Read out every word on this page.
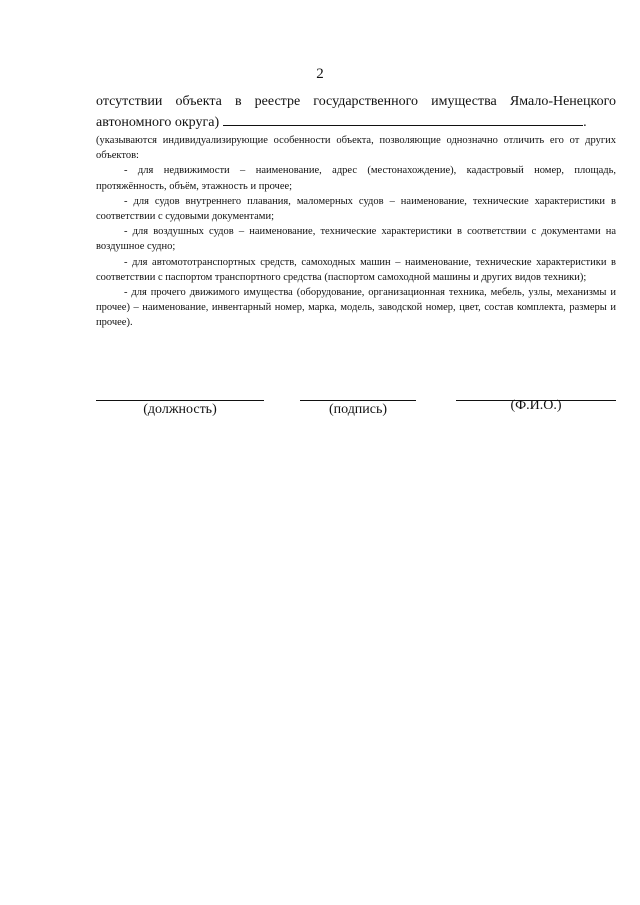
2

отсутствии объекта в реестре государственного имущества Ямало-Ненецкого автономного округа)	.

(указываются индивидуализирующие особенности объекта, позволяющие однозначно отличить его от других объектов:

- для недвижимости – наименование, адрес (местонахождение), кадастровый номер, площадь, протяжённость, объём, этажность и прочее;

- для судов внутреннего плавания, маломерных судов – наименование, технические характеристики в соответствии с судовыми документами;

- для воздушных судов – наименование, технические характеристики в соответствии с документами на воздушное судно;

- для автомототранспортных средств, самоходных машин – наименование, технические характеристики в соответствии с паспортом транспортного средства (паспортом самоходной машины и других видов техники);

- для прочего движимого имущества (оборудование, организационная техника, мебель, узлы, механизмы и прочее) – наименование, инвентарный номер, марка, модель, заводской номер, цвет, состав комплекта, размеры и прочее).

(должность)	(подпись)	(Ф.И.О.)
